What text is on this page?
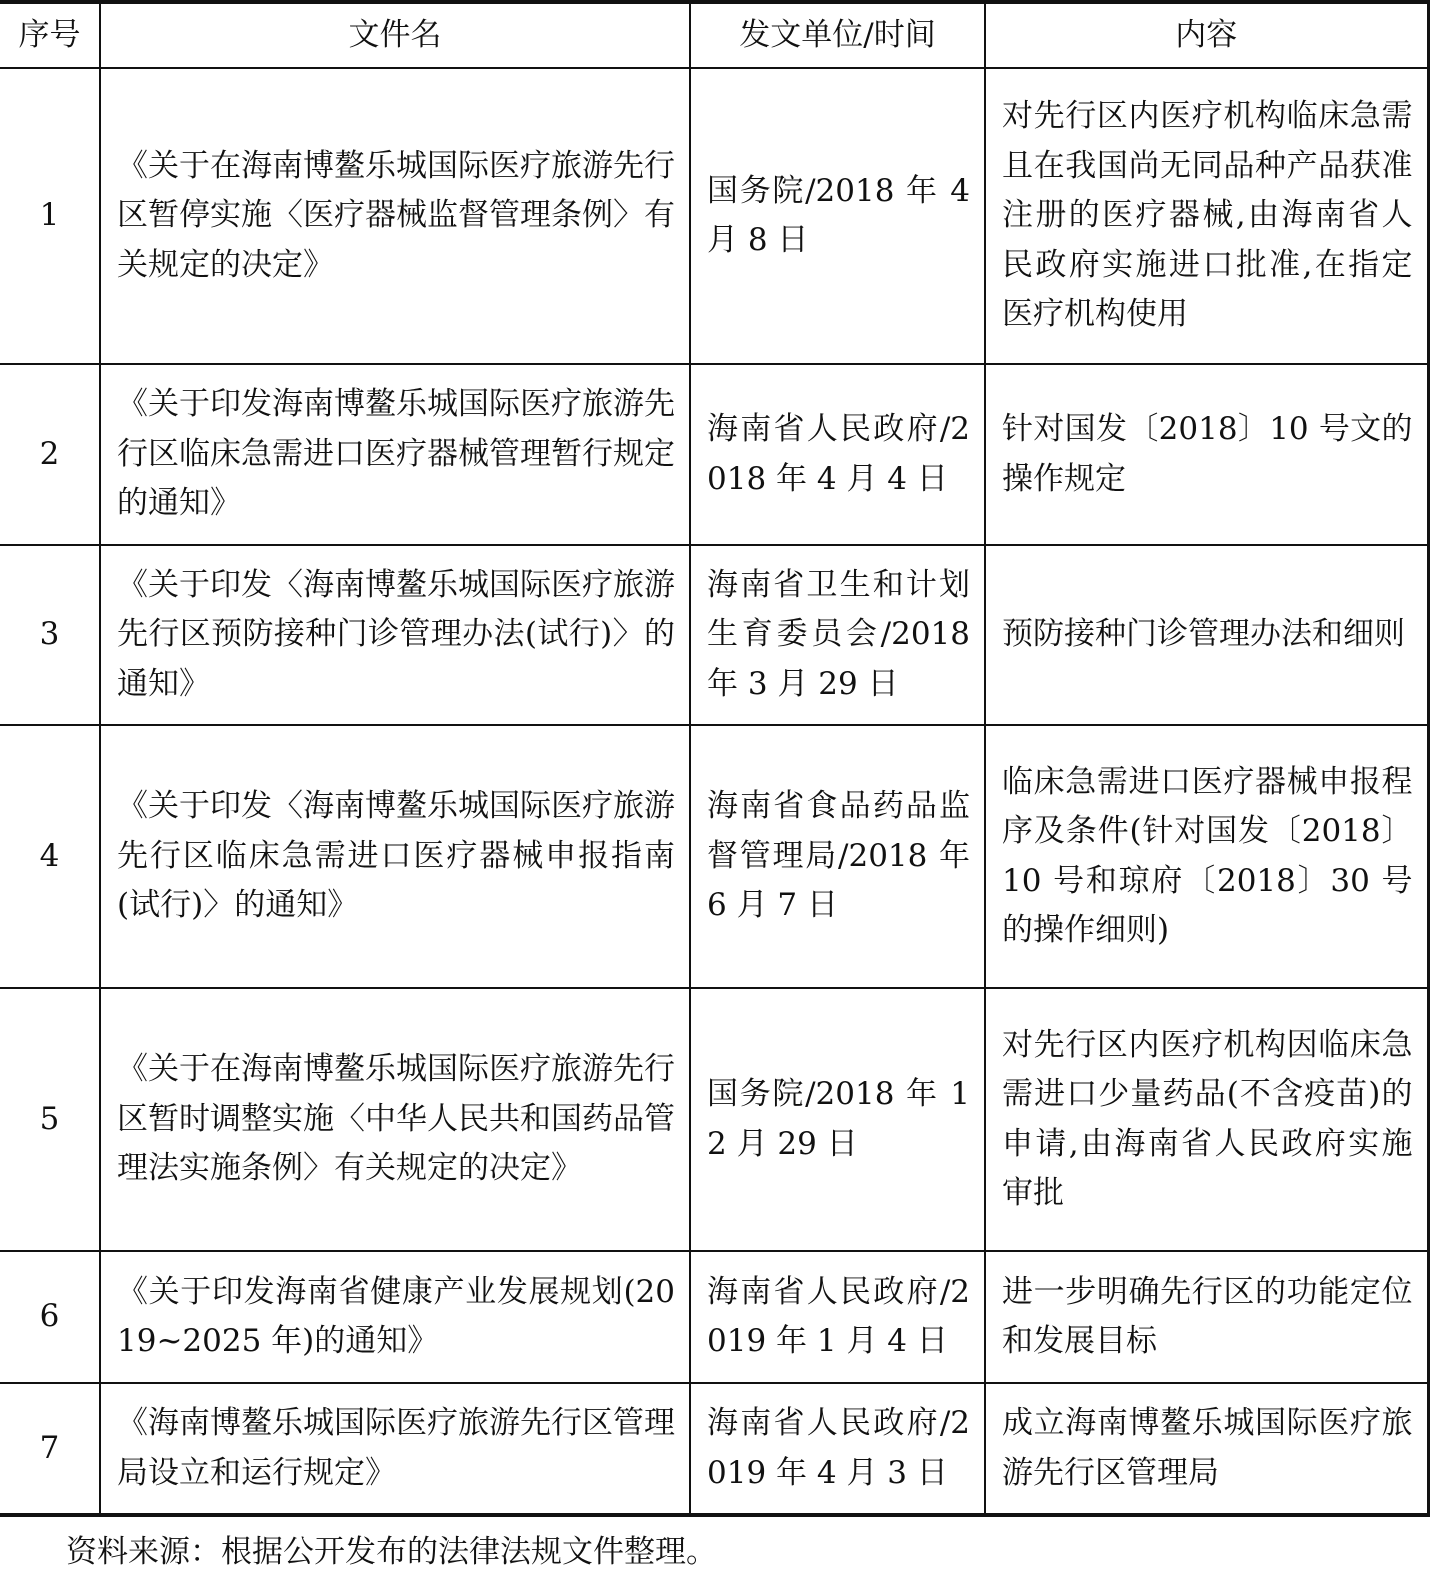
序号	文件名	发文单位/时间	内容
1	《关于在海南博鳌乐城国际医疗旅游先行区暂停实施〈医疗器械监督管理条例〉有关规定的决定》	国务院/2018 年 4 月 8 日	对先行区内医疗机构临床急需且在我国尚无同品种产品获准注册的医疗器械,由海南省人民政府实施进口批准,在指定医疗机构使用
2	《关于印发海南博鳌乐城国际医疗旅游先行区临床急需进口医疗器械管理暂行规定的通知》	海南省人民政府/2018 年 4 月 4 日	针对国发〔2018〕10 号文的操作规定
3	《关于印发〈海南博鳌乐城国际医疗旅游先行区预防接种门诊管理办法(试行)〉的通知》	海南省卫生和计划生育委员会/2018 年 3 月 29 日	预防接种门诊管理办法和细则
4	《关于印发〈海南博鳌乐城国际医疗旅游先行区临床急需进口医疗器械申报指南(试行)〉的通知》	海南省食品药品监督管理局/2018 年 6 月 7 日	临床急需进口医疗器械申报程序及条件(针对国发〔2018〕10 号和琼府〔2018〕30 号的操作细则)
5	《关于在海南博鳌乐城国际医疗旅游先行区暂时调整实施〈中华人民共和国药品管理法实施条例〉有关规定的决定》	国务院/2018 年 12 月 29 日	对先行区内医疗机构因临床急需进口少量药品(不含疫苗)的申请,由海南省人民政府实施审批
6	《关于印发海南省健康产业发展规划(2019~2025 年)的通知》	海南省人民政府/2019 年 1 月 4 日	进一步明确先行区的功能定位和发展目标
7	《海南博鳌乐城国际医疗旅游先行区管理局设立和运行规定》	海南省人民政府/2019 年 4 月 3 日	成立海南博鳌乐城国际医疗旅游先行区管理局
资料来源：根据公开发布的法律法规文件整理。
